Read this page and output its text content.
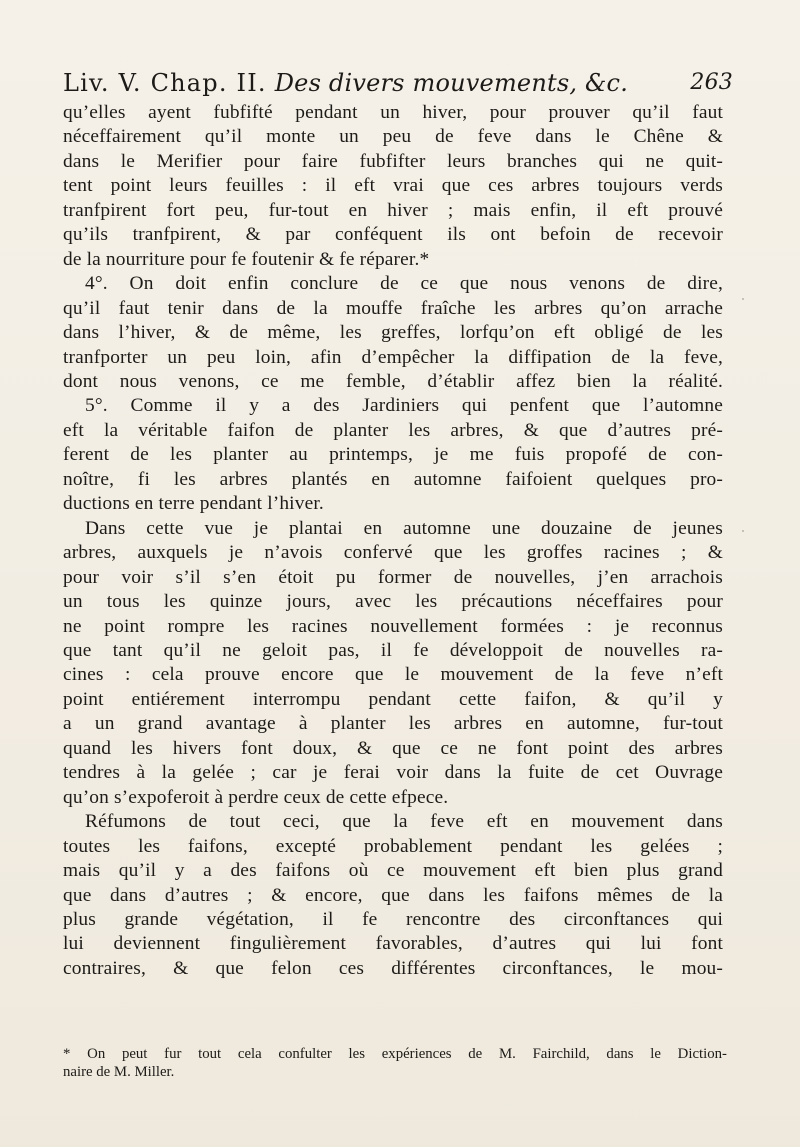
Liv. V. Chap. II. Des divers mouvements, &c.	263
qu’elles ayent fubfifté pendant un hiver, pour prouver qu’il faut
néceffairement qu’il monte un peu de feve dans le Chêne &
dans le Merifier pour faire fubfifter leurs branches qui ne quit-
tent point leurs feuilles : il eft vrai que ces arbres toujours verds
tranfpirent fort peu, fur-tout en hiver ; mais enfin, il eft prouvé
qu’ils tranfpirent, & par conféquent ils ont befoin de recevoir
de la nourriture pour fe foutenir & fe réparer.*
4°. On doit enfin conclure de ce que nous venons de dire,
qu’il faut tenir dans de la mouffe fraîche les arbres qu’on arrache
dans l’hiver, & de même, les greffes, lorfqu’on eft obligé de les
tranfporter un peu loin, afin d’empêcher la diffipation de la feve,
dont nous venons, ce me femble, d’établir affez bien la réalité.
5°. Comme il y a des Jardiniers qui penfent que l’automne
eft la véritable faifon de planter les arbres, & que d’autres pré-
ferent de les planter au printemps, je me fuis propofé de con-
noître, fi les arbres plantés en automne faifoient quelques pro-
ductions en terre pendant l’hiver.
Dans cette vue je plantai en automne une douzaine de jeunes
arbres, auxquels je n’avois confervé que les groffes racines ; &
pour voir s’il s’en étoit pu former de nouvelles, j’en arrachois
un tous les quinze jours, avec les précautions néceffaires pour
ne point rompre les racines nouvellement formées : je reconnus
que tant qu’il ne geloit pas, il fe développoit de nouvelles ra-
cines : cela prouve encore que le mouvement de la feve n’eft
point entiérement interrompu pendant cette faifon, & qu’il y
a un grand avantage à planter les arbres en automne, fur-tout
quand les hivers font doux, & que ce ne font point des arbres
tendres à la gelée ; car je ferai voir dans la fuite de cet Ouvrage
qu’on s’expoferoit à perdre ceux de cette efpece.
Réfumons de tout ceci, que la feve eft en mouvement dans
toutes les faifons, excepté probablement pendant les gelées ;
mais qu’il y a des faifons où ce mouvement eft bien plus grand
que dans d’autres ; & encore, que dans les faifons mêmes de la
plus grande végétation, il fe rencontre des circonftances qui
lui deviennent fingulièrement favorables, d’autres qui lui font
contraires, & que felon ces différentes circonftances, le mou-
* On peut fur tout cela confulter les expériences de M. Fairchild, dans le Diction-
naire de M. Miller.
